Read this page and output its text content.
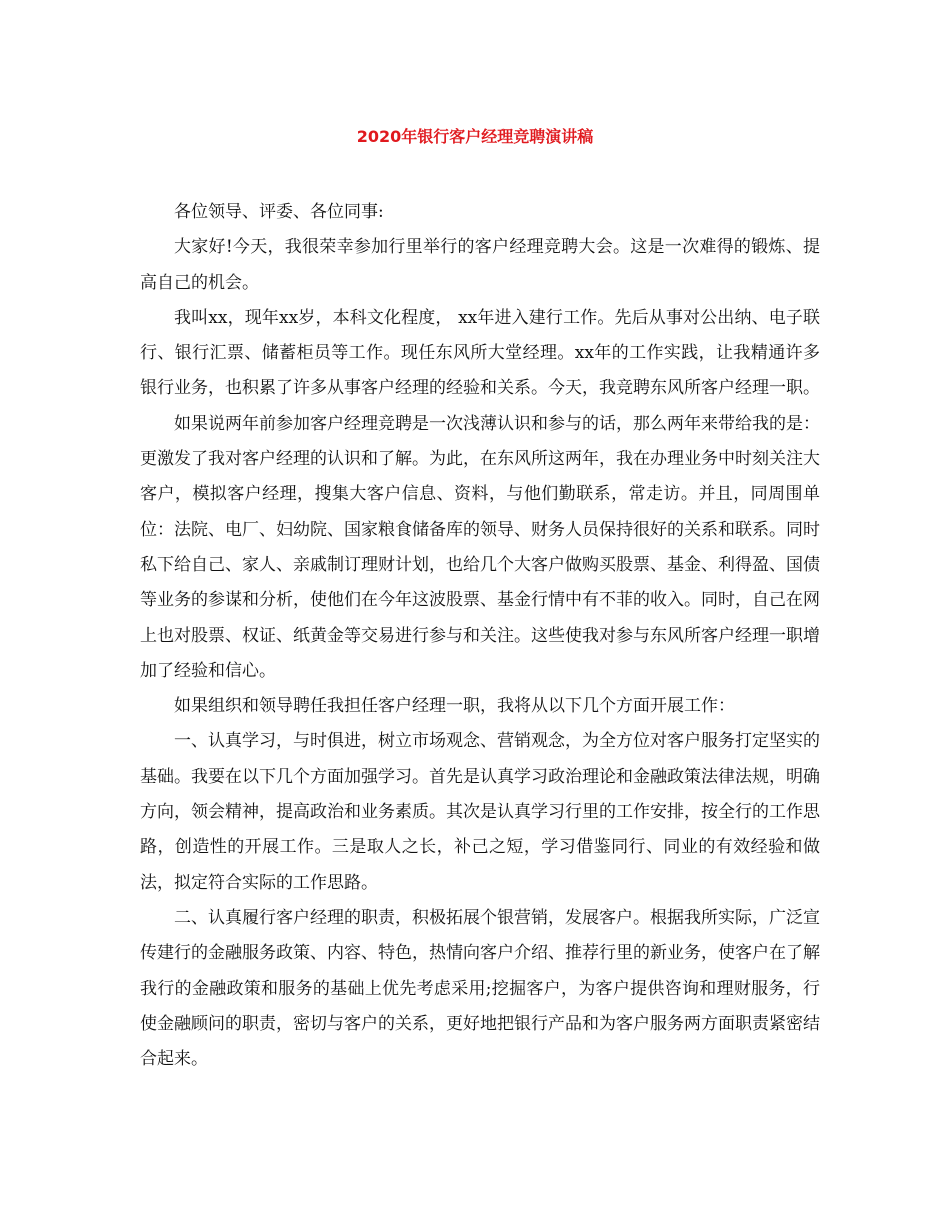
2020年银行客户经理竞聘演讲稿

各位领导、评委、各位同事:

大家好!今天，我很荣幸参加行里举行的客户经理竞聘大会。这是一次难得的锻炼、提高自己的机会。

我叫xx，现年xx岁，本科文化程度， xx年进入建行工作。先后从事对公出纳、电子联行、银行汇票、储蓄柜员等工作。现任东风所大堂经理。xx年的工作实践，让我精通许多银行业务，也积累了许多从事客户经理的经验和关系。今天，我竞聘东风所客户经理一职。

如果说两年前参加客户经理竞聘是一次浅薄认识和参与的话，那么两年来带给我的是：更激发了我对客户经理的认识和了解。为此，在东风所这两年，我在办理业务中时刻关注大客户，模拟客户经理，搜集大客户信息、资料，与他们勤联系，常走访。并且，同周围单位：法院、电厂、妇幼院、国家粮食储备库的领导、财务人员保持很好的关系和联系。同时私下给自己、家人、亲戚制订理财计划，也给几个大客户做购买股票、基金、利得盈、国债等业务的参谋和分析，使他们在今年这波股票、基金行情中有不菲的收入。同时，自己在网上也对股票、权证、纸黄金等交易进行参与和关注。这些使我对参与东风所客户经理一职增加了经验和信心。

如果组织和领导聘任我担任客户经理一职，我将从以下几个方面开展工作：

一、认真学习，与时俱进，树立市场观念、营销观念，为全方位对客户服务打定坚实的基础。我要在以下几个方面加强学习。首先是认真学习政治理论和金融政策法律法规，明确方向，领会精神，提高政治和业务素质。其次是认真学习行里的工作安排，按全行的工作思路，创造性的开展工作。三是取人之长，补己之短，学习借鉴同行、同业的有效经验和做法，拟定符合实际的工作思路。

二、认真履行客户经理的职责，积极拓展个银营销，发展客户。根据我所实际，广泛宣传建行的金融服务政策、内容、特色，热情向客户介绍、推荐行里的新业务，使客户在了解我行的金融政策和服务的基础上优先考虑采用;挖掘客户，为客户提供咨询和理财服务，行使金融顾问的职责，密切与客户的关系，更好地把银行产品和为客户服务两方面职责紧密结合起来。
